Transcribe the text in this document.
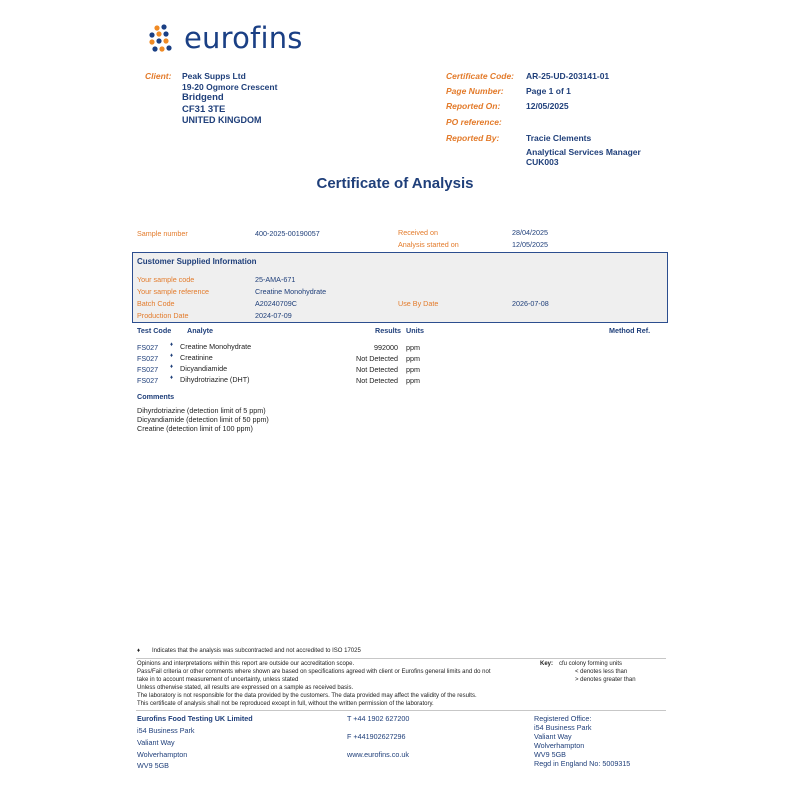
eurofins
Client: Peak Supps Ltd
19-20 Ogmore Crescent
Bridgend
CF31 3TE
UNITED KINGDOM
Certificate Code: AR-25-UD-203141-01
Page Number:	Page 1 of 1
Reported On:	12/05/2025
PO reference:
Reported By:	Tracie Clements
Analytical Services Manager
CUK003
Certificate of Analysis
Sample number	400-2025-00190057	Received on	28/04/2025
Analysis started on	12/05/2025
Customer Supplied Information
Your sample code	25-AMA-671
Your sample reference	Creatine Monohydrate
Batch Code	A20240709C	Use By Date	2026-07-08
Production Date	2024-07-09
Test Code Analyte	Results Units	Method Ref.
FS027 ♦ Creatine Monohydrate	992000 ppm
FS027 ♦ Creatinine	Not Detected ppm
FS027 ♦ Dicyandiamide	Not Detected ppm
FS027 ♦ Dihydrotriazine (DHT)	Not Detected ppm
Comments
Dihyrdotriazine (detection limit of 5 ppm)
Dicyandiamide (detection limit of 50 ppm)
Creatine (detection limit of 100 ppm)
♦ Indicates that the analysis was subcontracted and not accredited to ISO 17025
Opinions and interpretations within this report are outside our accreditation scope.
Pass/Fail criteria or other comments where shown are based on specifications agreed with client or Eurofins general limits and do not
take in to account measurement of uncertainty, unless stated
Unless otherwise stated, all results are expressed on a sample as received basis.
The laboratory is not responsible for the data provided by the customers. The data provided may affect the validity of the results.
This certificate of analysis shall not be reproduced except in full, without the written permission of the laboratory.
Key: cfu colony forming units
< denotes less than
> denotes greater than
Eurofins Food Testing UK Limited
i54 Business Park
Valiant Way
Wolverhampton
WV9 5GB
T +44 1902 627200
F +441902627296
www.eurofins.co.uk
Registered Office:
i54 Business Park
Valiant Way
Wolverhampton
WV9 5GB
Regd in England No: 5009315
